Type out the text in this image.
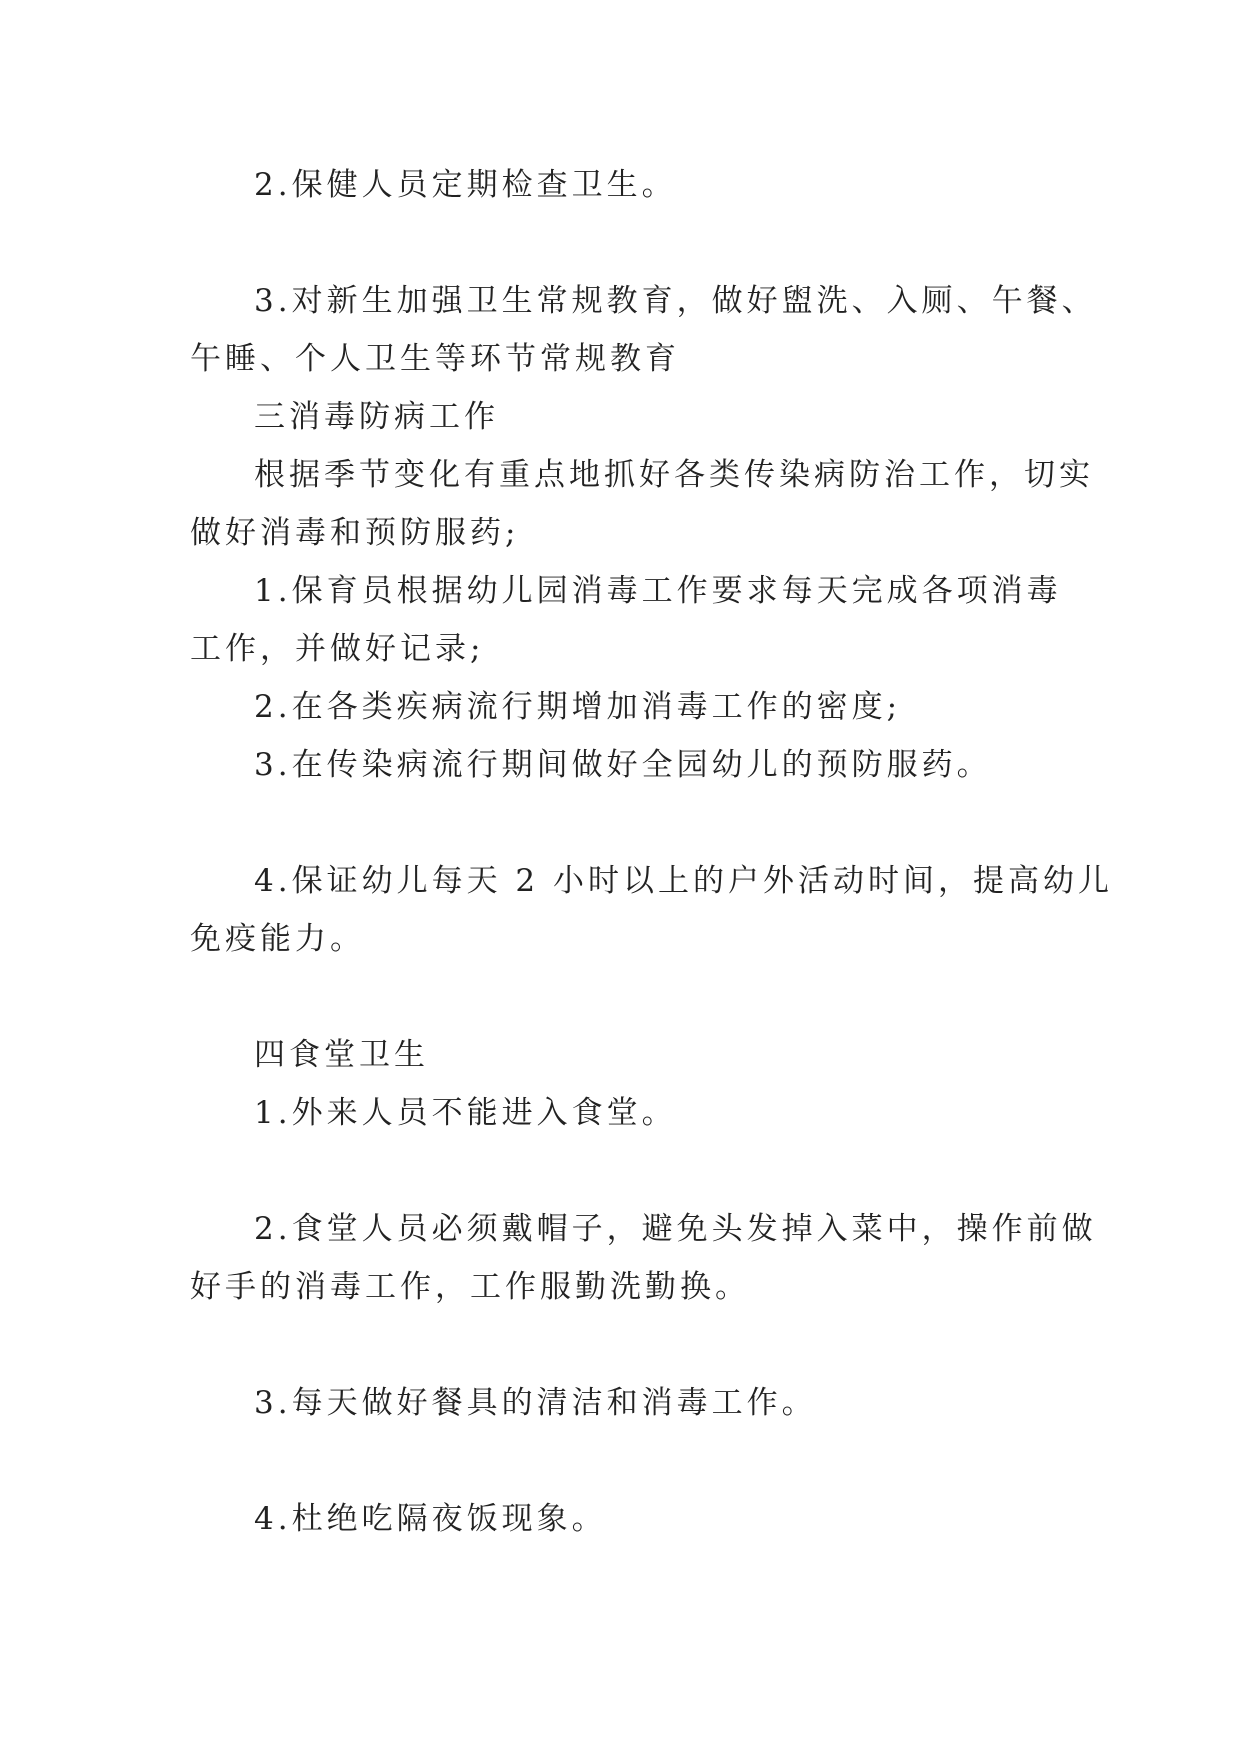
2.保健人员定期检查卫生。
3.对新生加强卫生常规教育，做好盥洗、入厕、午餐、
午睡、个人卫生等环节常规教育
三消毒防病工作
根据季节变化有重点地抓好各类传染病防治工作，切实
做好消毒和预防服药;
1.保育员根据幼儿园消毒工作要求每天完成各项消毒
工作，并做好记录;
2.在各类疾病流行期增加消毒工作的密度;
3.在传染病流行期间做好全园幼儿的预防服药。
4.保证幼儿每天 2 小时以上的户外活动时间，提高幼儿
免疫能力。
四食堂卫生
1.外来人员不能进入食堂。
2.食堂人员必须戴帽子，避免头发掉入菜中，操作前做
好手的消毒工作，工作服勤洗勤换。
3.每天做好餐具的清洁和消毒工作。
4.杜绝吃隔夜饭现象。
